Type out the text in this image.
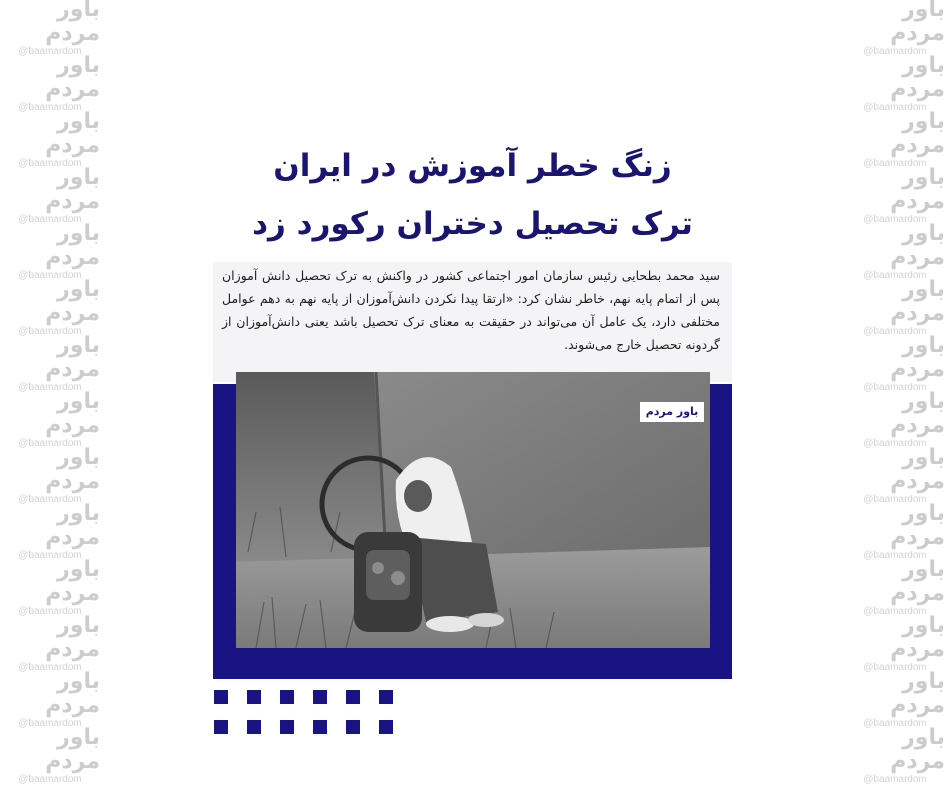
باور مردم
@baamardom
باور مردم
@baamardom
باور مردم
@baamardom
باور مردم
@baamardom
باور مردم
@baamardom
باور مردم
@baamardom
باور مردم
@baamardom
باور مردم
@baamardom
باور مردم
@baamardom
باور مردم
@baamardom
باور مردم
@baamardom
باور مردم
@baamardom
باور مردم
@baamardom
باور مردم
@baamardom
باور مردم
@baamardom
باور مردم
@baamardom
باور مردم
@baamardom
باور مردم
@baamardom
باور مردم
@baamardom
باور مردم
@baamardom
باور مردم
@baamardom
باور مردم
@baamardom
باور مردم
@baamardom
باور مردم
@baamardom
باور مردم
@baamardom
باور مردم
@baamardom
باور مردم
@baamardom
باور مردم
@baamardom
زنگ خطر آموزش در ایران
ترک تحصیل دختران رکورد زد
سید محمد بطحایی رئیس سازمان امور اجتماعی کشور در واکنش به ترک تحصیل دانش آموزان پس از اتمام پایه نهم، خاطر نشان کرد: «ارتقا پیدا نکردن دانش‌آموزان از پایه نهم به دهم عوامل مختلفی دارد، یک عامل آن می‌تواند در حقیقت به معنای ترک تحصیل باشد یعنی دانش‌آموزان از گردونه تحصیل خارج می‌شوند.
باور مردم
